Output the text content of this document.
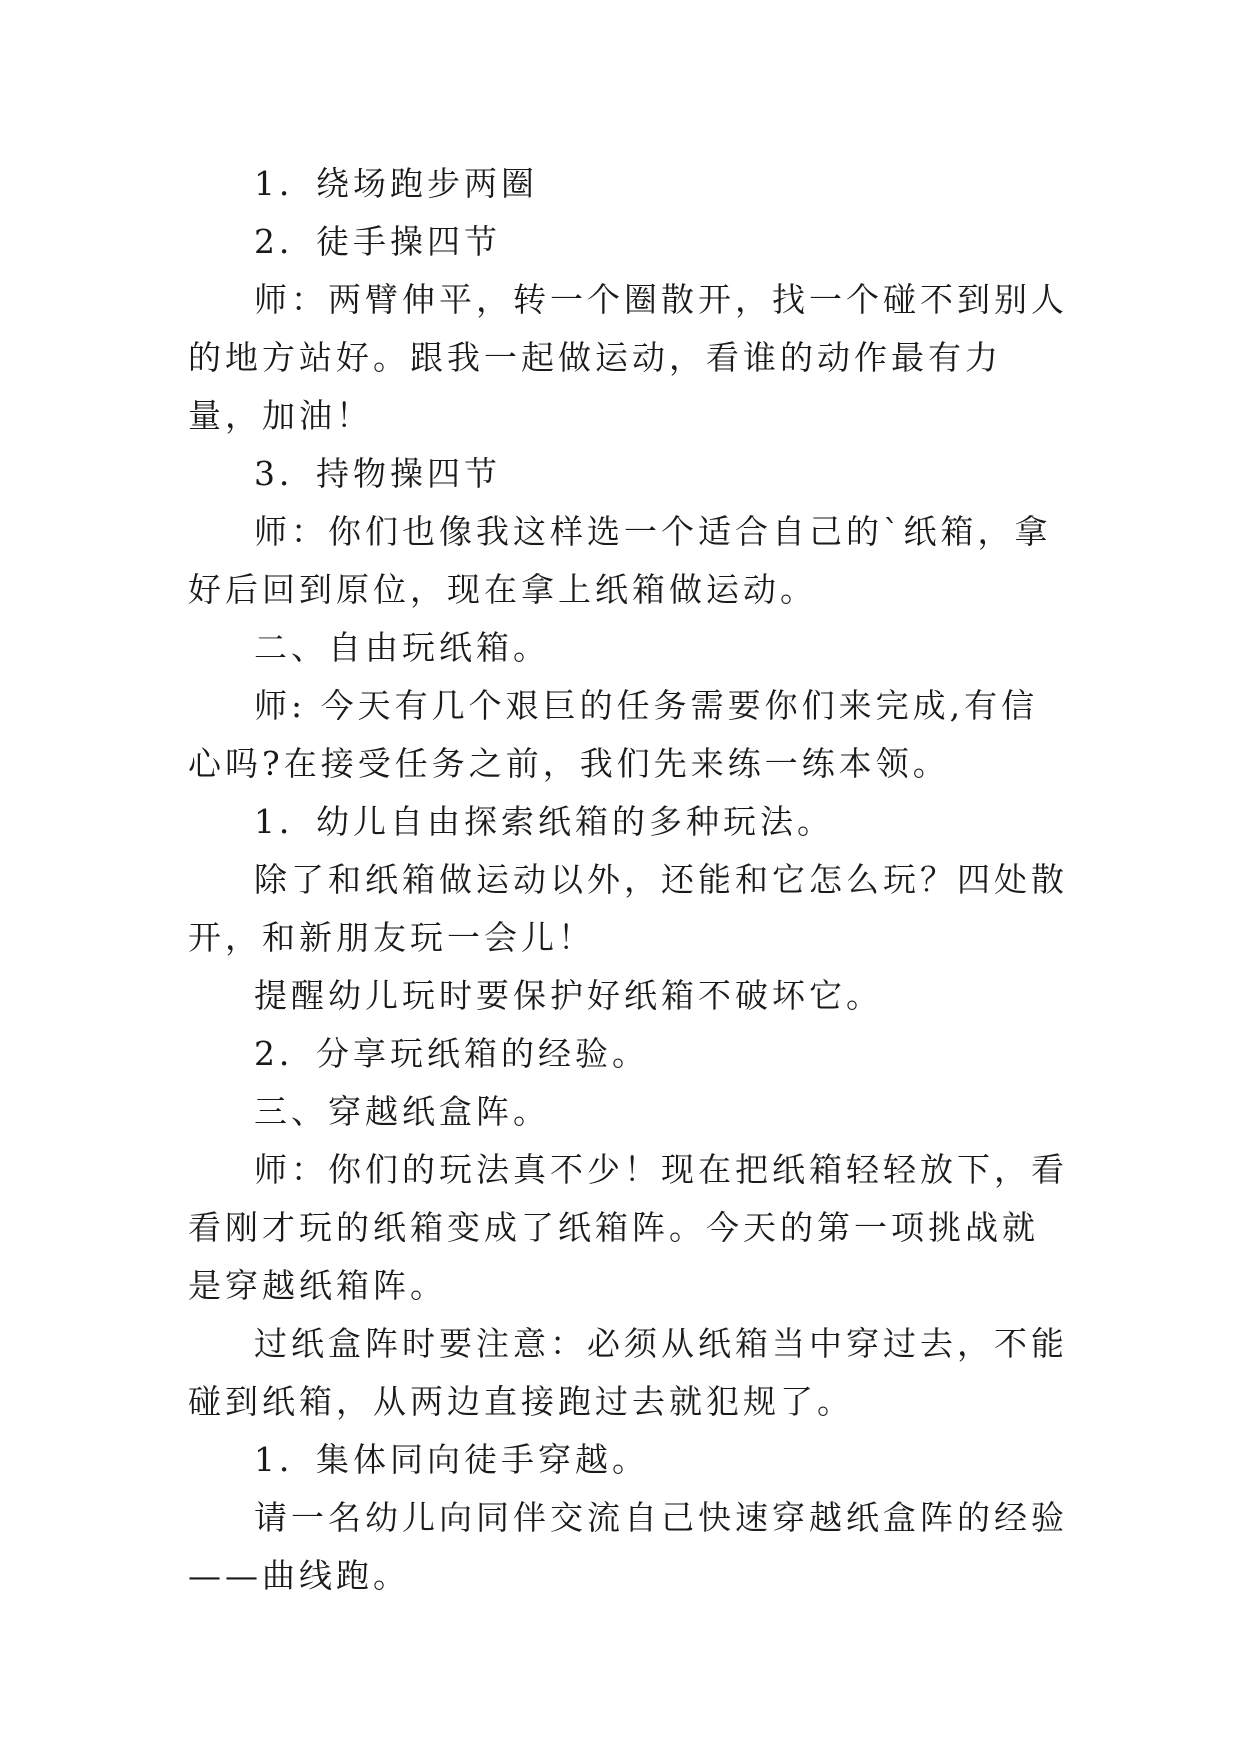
1．绕场跑步两圈

2．徒手操四节

师：两臂伸平，转一个圈散开，找一个碰不到别人的地方站好。跟我一起做运动，看谁的动作最有力量，加油！

3．持物操四节

师：你们也像我这样选一个适合自己的`纸箱，拿好后回到原位，现在拿上纸箱做运动。

二、自由玩纸箱。

师: 今天有几个艰巨的任务需要你们来完成,有信心吗?在接受任务之前，我们先来练一练本领。

1．幼儿自由探索纸箱的多种玩法。

除了和纸箱做运动以外，还能和它怎么玩？四处散开，和新朋友玩一会儿！

提醒幼儿玩时要保护好纸箱不破坏它。

2．分享玩纸箱的经验。

三、穿越纸盒阵。

师：你们的玩法真不少！现在把纸箱轻轻放下，看看刚才玩的纸箱变成了纸箱阵。今天的第一项挑战就是穿越纸箱阵。

过纸盒阵时要注意：必须从纸箱当中穿过去，不能碰到纸箱，从两边直接跑过去就犯规了。

1．集体同向徒手穿越。

请一名幼儿向同伴交流自己快速穿越纸盒阵的经验——曲线跑。
